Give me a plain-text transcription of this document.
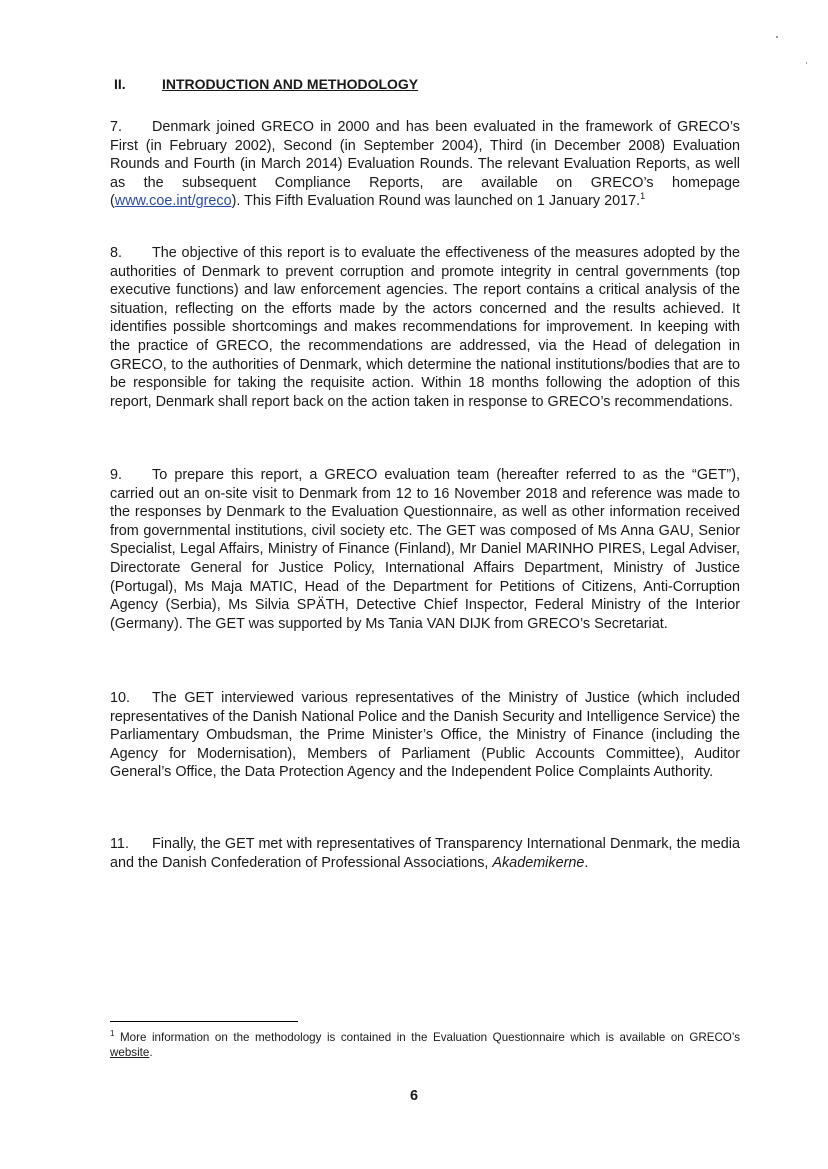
II.	INTRODUCTION AND METHODOLOGY

7. Denmark joined GRECO in 2000 and has been evaluated in the framework of GRECO’s First (in February 2002), Second (in September 2004), Third (in December 2008) Evaluation Rounds and Fourth (in March 2014) Evaluation Rounds. The relevant Evaluation Reports, as well as the subsequent Compliance Reports, are available on GRECO’s homepage (www.coe.int/greco). This Fifth Evaluation Round was launched on 1 January 2017.$^1$

8. The objective of this report is to evaluate the effectiveness of the measures adopted by the authorities of Denmark to prevent corruption and promote integrity in central governments (top executive functions) and law enforcement agencies. The report contains a critical analysis of the situation, reflecting on the efforts made by the actors concerned and the results achieved. It identifies possible shortcomings and makes recommendations for improvement. In keeping with the practice of GRECO, the recommendations are addressed, via the Head of delegation in GRECO, to the authorities of Denmark, which determine the national institutions/bodies that are to be responsible for taking the requisite action. Within 18 months following the adoption of this report, Denmark shall report back on the action taken in response to GRECO’s recommendations.

9. To prepare this report, a GRECO evaluation team (hereafter referred to as the “GET”), carried out an on-site visit to Denmark from 12 to 16 November 2018 and reference was made to the responses by Denmark to the Evaluation Questionnaire, as well as other information received from governmental institutions, civil society etc. The GET was composed of Ms Anna GAU, Senior Specialist, Legal Affairs, Ministry of Finance (Finland), Mr Daniel MARINHO PIRES, Legal Adviser, Directorate General for Justice Policy, International Affairs Department, Ministry of Justice (Portugal), Ms Maja MATIC, Head of the Department for Petitions of Citizens, Anti-Corruption Agency (Serbia), Ms Silvia SPÄTH, Detective Chief Inspector, Federal Ministry of the Interior (Germany). The GET was supported by Ms Tania VAN DIJK from GRECO’s Secretariat.

10. The GET interviewed various representatives of the Ministry of Justice (which included representatives of the Danish National Police and the Danish Security and Intelligence Service) the Parliamentary Ombudsman, the Prime Minister’s Office, the Ministry of Finance (including the Agency for Modernisation), Members of Parliament (Public Accounts Committee), Auditor General’s Office, the Data Protection Agency and the Independent Police Complaints Authority.

11. Finally, the GET met with representatives of Transparency International Denmark, the media and the Danish Confederation of Professional Associations, Akademikerne.

$^1$ More information on the methodology is contained in the Evaluation Questionnaire which is available on GRECO’s website.

6
